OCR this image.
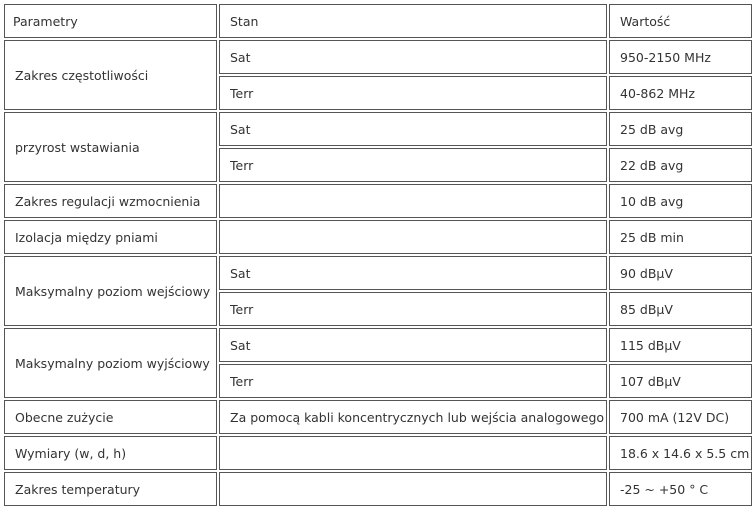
Parametry	Stan	Wartość
Zakres częstotliwości	Sat	950-2150 MHz
	Terr	40-862 MHz
przyrost wstawiania	Sat	25 dB avg
	Terr	22 dB avg
Zakres regulacji wzmocnienia		10 dB avg
Izolacja między pniami		25 dB min
Maksymalny poziom wejściowy	Sat	90 dBμV
	Terr	85 dBμV
Maksymalny poziom wyjściowy	Sat	115 dBμV
	Terr	107 dBμV
Obecne zużycie	Za pomocą kabli koncentrycznych lub wejścia analogowego	700 mA (12V DC)
Wymiary (w, d, h)		18.6 x 14.6 x 5.5 cm
Zakres temperatury		-25 ~ +50 ° C
